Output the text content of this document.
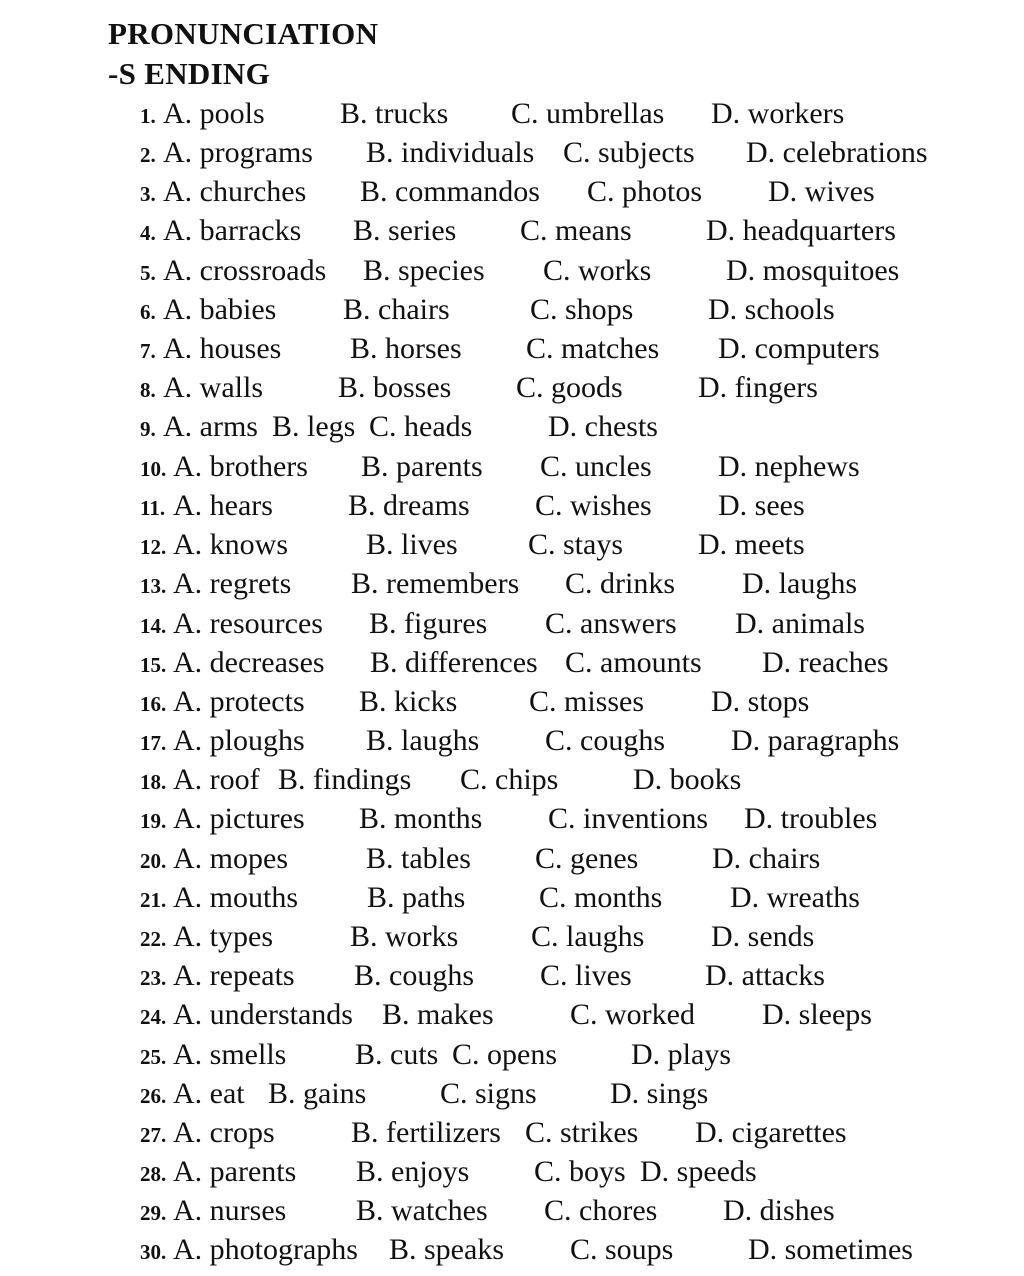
PRONUNCIATION
-S ENDING
1. A. pools	B. trucks C. umbrellas D. workers
2. A. programs B. individuals C. subjects D. celebrations
3. A. churches B. commandos C. photos D. wives
4. A. barracks B. series C. means D. headquarters
5. A. crossroads B. species C. works D. mosquitoes
6. A. babies B. chairs	C. shops D. schools
7. A. houses B. horses C. matches D. computers
8. A. walls	B. bosses C. goods	D. fingers
9. A. arms B. legs C. heads	D. chests
10. A. brothers B. parents C. uncles D. nephews
11. A. hears	B. dreams C. wishes D. sees
12. A. knows	B. lives C. stays D. meets
13. A. regrets B. remembers C. drinks D. laughs
14. A. resources B. figures C. answers D. animals
15. A. decreases B. differences C. amounts D. reaches
16. A. protects B. kicks C. misses D. stops
17. A. ploughs B. laughs C. coughs D. paragraphs
18. A. roof B. findings C. chips D. books
19. A. pictures B. months C. inventions D. troubles
20. A. mopes	B. tables C. genes D. chairs
21. A. mouths B. paths C. months D. wreaths
22. A. types	B. works C. laughs D. sends
23. A. repeats B. coughs C. lives D. attacks
24. A. understands B. makes	C. worked D. sleeps
25. A. smells B. cuts C. opens D. plays
26. A. eat B. gains C. signs D. sings
27. A. crops	B. fertilizers C. strikes D. cigarettes
28. A. parents B. enjoys C. boys D. speeds
29. A. nurses B. watches C. chores D. dishes
30. A. photographs B. speaks C. soups D. sometimes
